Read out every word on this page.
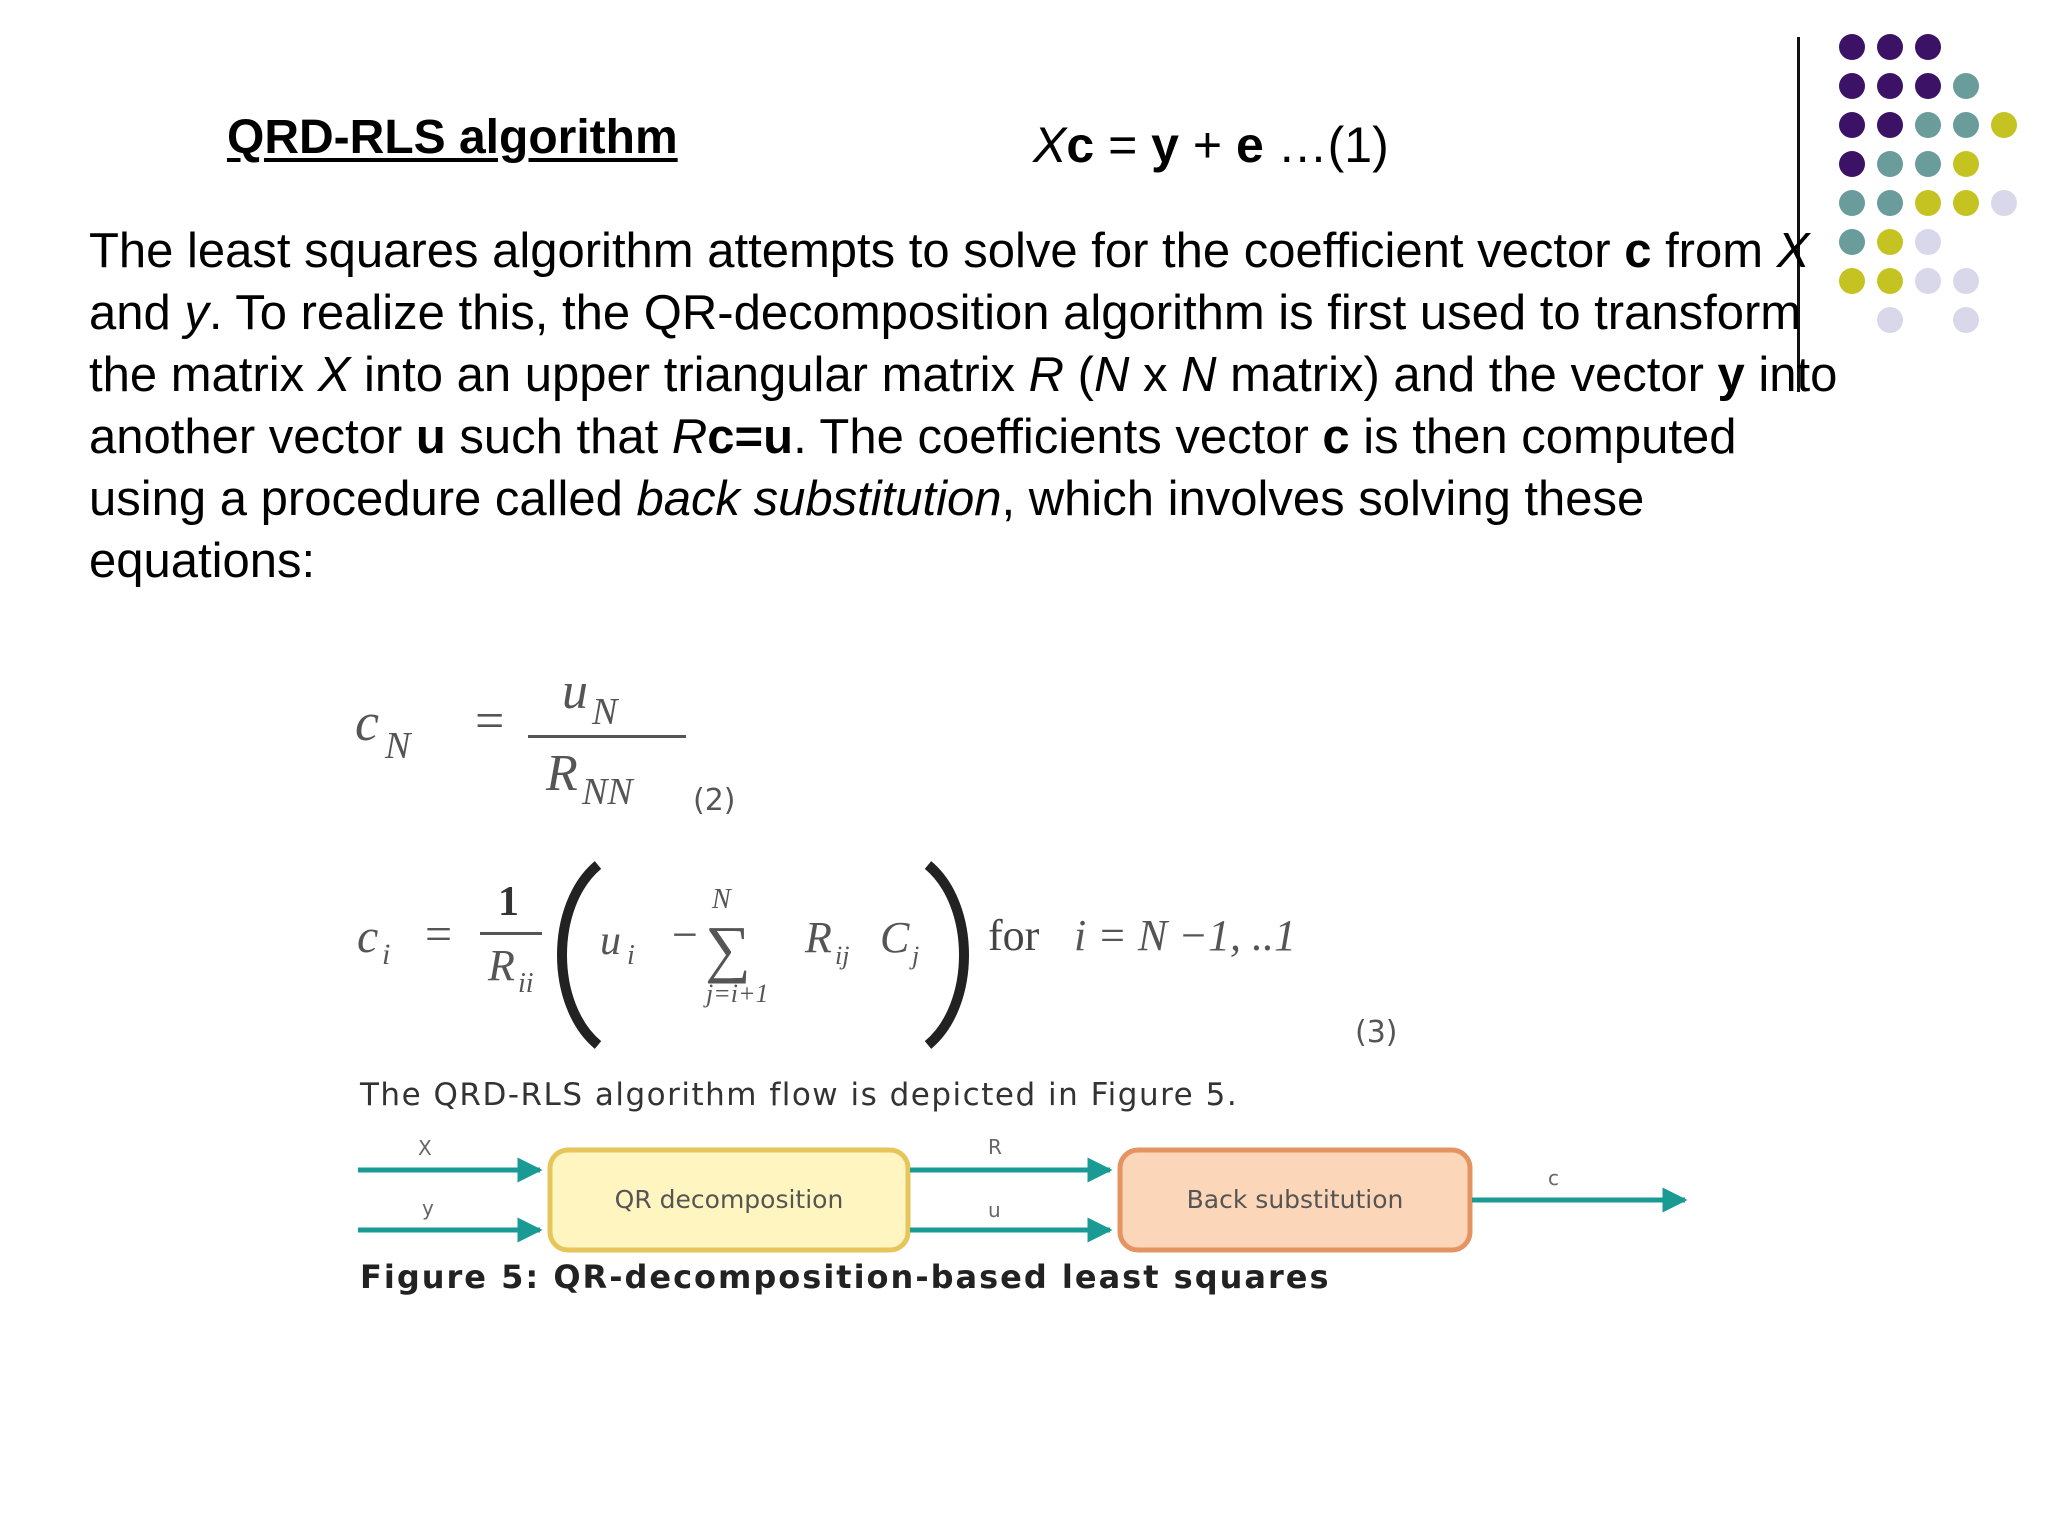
QRD-RLS algorithm	Xc = y + e …(1)

The least squares algorithm attempts to solve for the coefficient vector c from X

and y. To realize this, the QR-decomposition algorithm is first used to transform

the matrix X into an upper triangular matrix R (N x N matrix) and the vector y into

another vector u such that Rc=u. The coefficients vector c is then computed

using a procedure called back substitution, which involves solving these

equations:

c N =
u N
R NN (2)
c i =
1
R ii
u i −
N
∑
j=i+1
R ij C j for i = N −1, ..1
(3)
The QRD-RLS algorithm flow is depicted in Figure 5.
X
y	QR decomposition
R
u	Back substitution
c
Figure 5: QR-decomposition-based least squares
